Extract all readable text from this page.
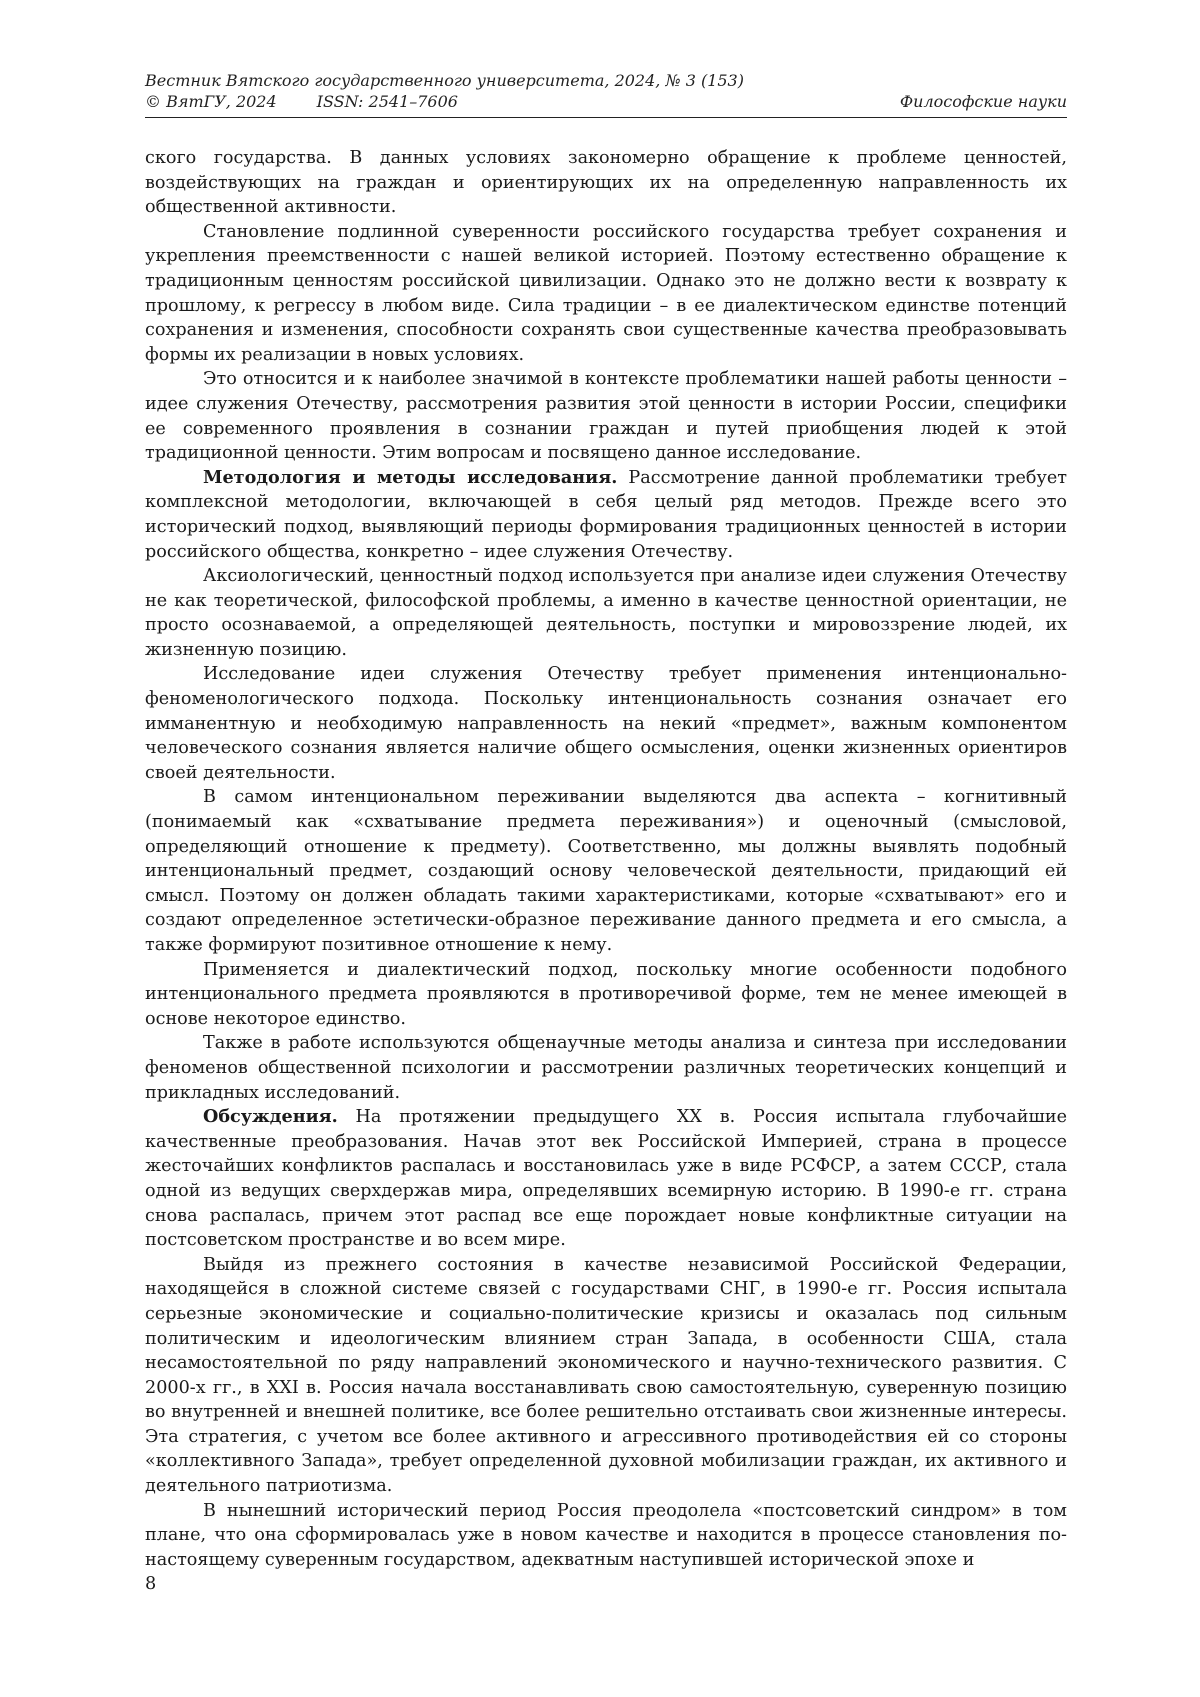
Вестник Вятского государственного университета, 2024, № 3 (153)
© ВятГУ, 2024	ISSN: 2541–7606	Философские науки

ского государства. В данных условиях закономерно обращение к проблеме ценностей, воздействующих на граждан и ориентирующих их на определенную направленность их общественной активности.

Становление подлинной суверенности российского государства требует сохранения и укрепления преемственности с нашей великой историей. Поэтому естественно обращение к традиционным ценностям российской цивилизации. Однако это не должно вести к возврату к прошлому, к регрессу в любом виде. Сила традиции – в ее диалектическом единстве потенций сохранения и изменения, способности сохранять свои существенные качества преобразовывать формы их реализации в новых условиях.

Это относится и к наиболее значимой в контексте проблематики нашей работы ценности – идее служения Отечеству, рассмотрения развития этой ценности в истории России, специфики ее современного проявления в сознании граждан и путей приобщения людей к этой традиционной ценности. Этим вопросам и посвящено данное исследование.

Методология и методы исследования. Рассмотрение данной проблематики требует комплексной методологии, включающей в себя целый ряд методов. Прежде всего это исторический подход, выявляющий периоды формирования традиционных ценностей в истории российского общества, конкретно – идее служения Отечеству.

Аксиологический, ценностный подход используется при анализе идеи служения Отечеству не как теоретической, философской проблемы, а именно в качестве ценностной ориентации, не просто осознаваемой, а определяющей деятельность, поступки и мировоззрение людей, их жизненную позицию.

Исследование идеи служения Отечеству требует применения интенционально-феноменологического подхода. Поскольку интенциональность сознания означает его имманентную и необходимую направленность на некий «предмет», важным компонентом человеческого сознания является наличие общего осмысления, оценки жизненных ориентиров своей деятельности.

В самом интенциональном переживании выделяются два аспекта – когнитивный (понимаемый как «схватывание предмета переживания») и оценочный (смысловой, определяющий отношение к предмету). Соответственно, мы должны выявлять подобный интенциональный предмет, создающий основу человеческой деятельности, придающий ей смысл. Поэтому он должен обладать такими характеристиками, которые «схватывают» его и создают определенное эстетически-образное переживание данного предмета и его смысла, а также формируют позитивное отношение к нему.

Применяется и диалектический подход, поскольку многие особенности подобного интенционального предмета проявляются в противоречивой форме, тем не менее имеющей в основе некоторое единство.

Также в работе используются общенаучные методы анализа и синтеза при исследовании феноменов общественной психологии и рассмотрении различных теоретических концепций и прикладных исследований.

Обсуждения. На протяжении предыдущего XX в. Россия испытала глубочайшие качественные преобразования. Начав этот век Российской Империей, страна в процессе жесточайших конфликтов распалась и восстановилась уже в виде РСФСР, а затем СССР, стала одной из ведущих сверхдержав мира, определявших всемирную историю. В 1990-е гг. страна снова распалась, причем этот распад все еще порождает новые конфликтные ситуации на постсоветском пространстве и во всем мире.

Выйдя из прежнего состояния в качестве независимой Российской Федерации, находящейся в сложной системе связей с государствами СНГ, в 1990-е гг. Россия испытала серьезные экономические и социально-политические кризисы и оказалась под сильным политическим и идеологическим влиянием стран Запада, в особенности США, стала несамостоятельной по ряду направлений экономического и научно-технического развития. С 2000-х гг., в XXI в. Россия начала восстанавливать свою самостоятельную, суверенную позицию во внутренней и внешней политике, все более решительно отстаивать свои жизненные интересы. Эта стратегия, с учетом все более активного и агрессивного противодействия ей со стороны «коллективного Запада», требует определенной духовной мобилизации граждан, их активного и деятельного патриотизма.

В нынешний исторический период Россия преодолела «постсоветский синдром» в том плане, что она сформировалась уже в новом качестве и находится в процессе становления по-настоящему суверенным государством, адекватным наступившей исторической эпохе и

8
